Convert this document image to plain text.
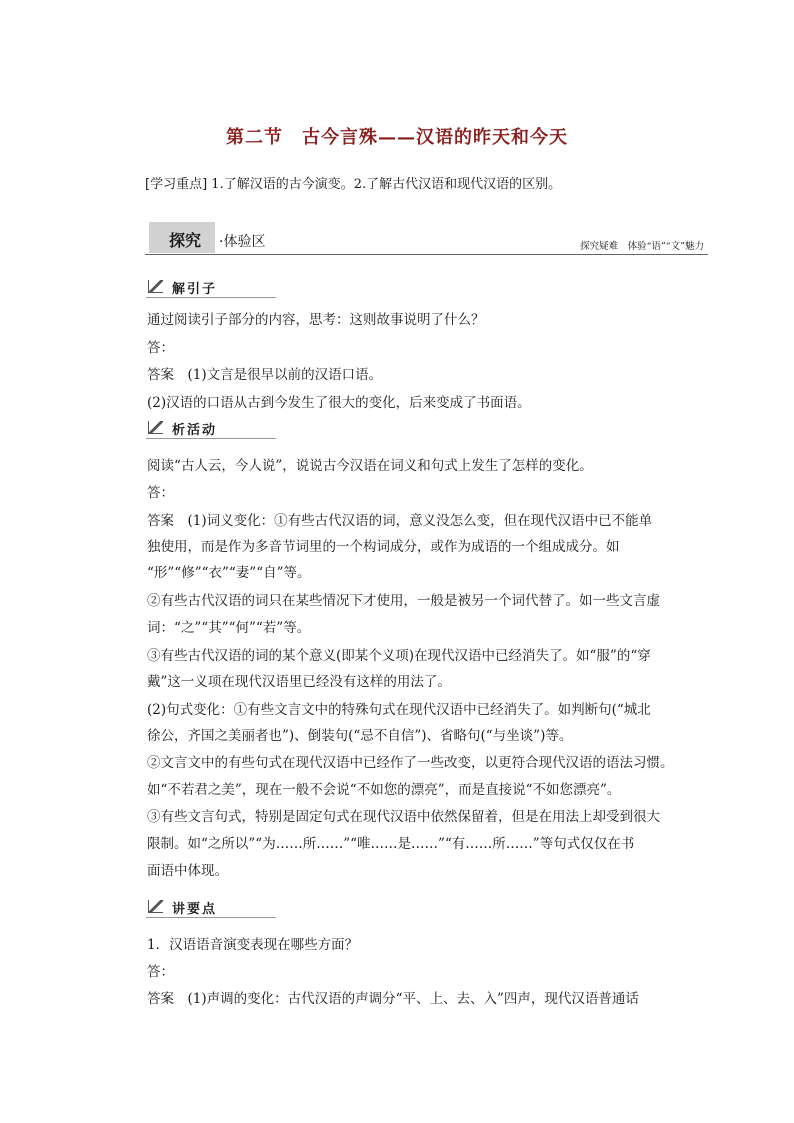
第二节　古今言殊——汉语的昨天和今天
[学习重点] 1.了解汉语的古今演变。2.了解古代汉语和现代汉语的区别。
探究 ·体验区	探究疑难　体验“语”“文”魅力
解引子
通过阅读引子部分的内容，思考：这则故事说明了什么？
答：
答案　(1)文言是很早以前的汉语口语。
(2)汉语的口语从古到今发生了很大的变化，后来变成了书面语。
析活动
阅读“古人云，今人说”，说说古今汉语在词义和句式上发生了怎样的变化。
答：
答案　(1)词义变化：①有些古代汉语的词，意义没怎么变，但在现代汉语中已不能单
独使用，而是作为多音节词里的一个构词成分，或作为成语的一个组成成分。如
“形”“修”“衣”“妻”“自”等。
②有些古代汉语的词只在某些情况下才使用，一般是被另一个词代替了。如一些文言虚
词：“之”“其”“何”“若”等。
③有些古代汉语的词的某个意义(即某个义项)在现代汉语中已经消失了。如“服”的“穿
戴”这一义项在现代汉语里已经没有这样的用法了。
(2)句式变化：①有些文言文中的特殊句式在现代汉语中已经消失了。如判断句(“城北
徐公，齐国之美丽者也”)、倒装句(“忌不自信”)、省略句(“与坐谈”)等。
②文言文中的有些句式在现代汉语中已经作了一些改变，以更符合现代汉语的语法习惯。
如“不若君之美”，现在一般不会说“不如您的漂亮”，而是直接说“不如您漂亮”。
③有些文言句式，特别是固定句式在现代汉语中依然保留着，但是在用法上却受到很大
限制。如“之所以”“为……所……”“唯……是……”“有……所……”等句式仅仅在书
面语中体现。
讲要点
1．汉语语音演变表现在哪些方面？
答：
答案　(1)声调的变化：古代汉语的声调分“平、上、去、入”四声，现代汉语普通话
